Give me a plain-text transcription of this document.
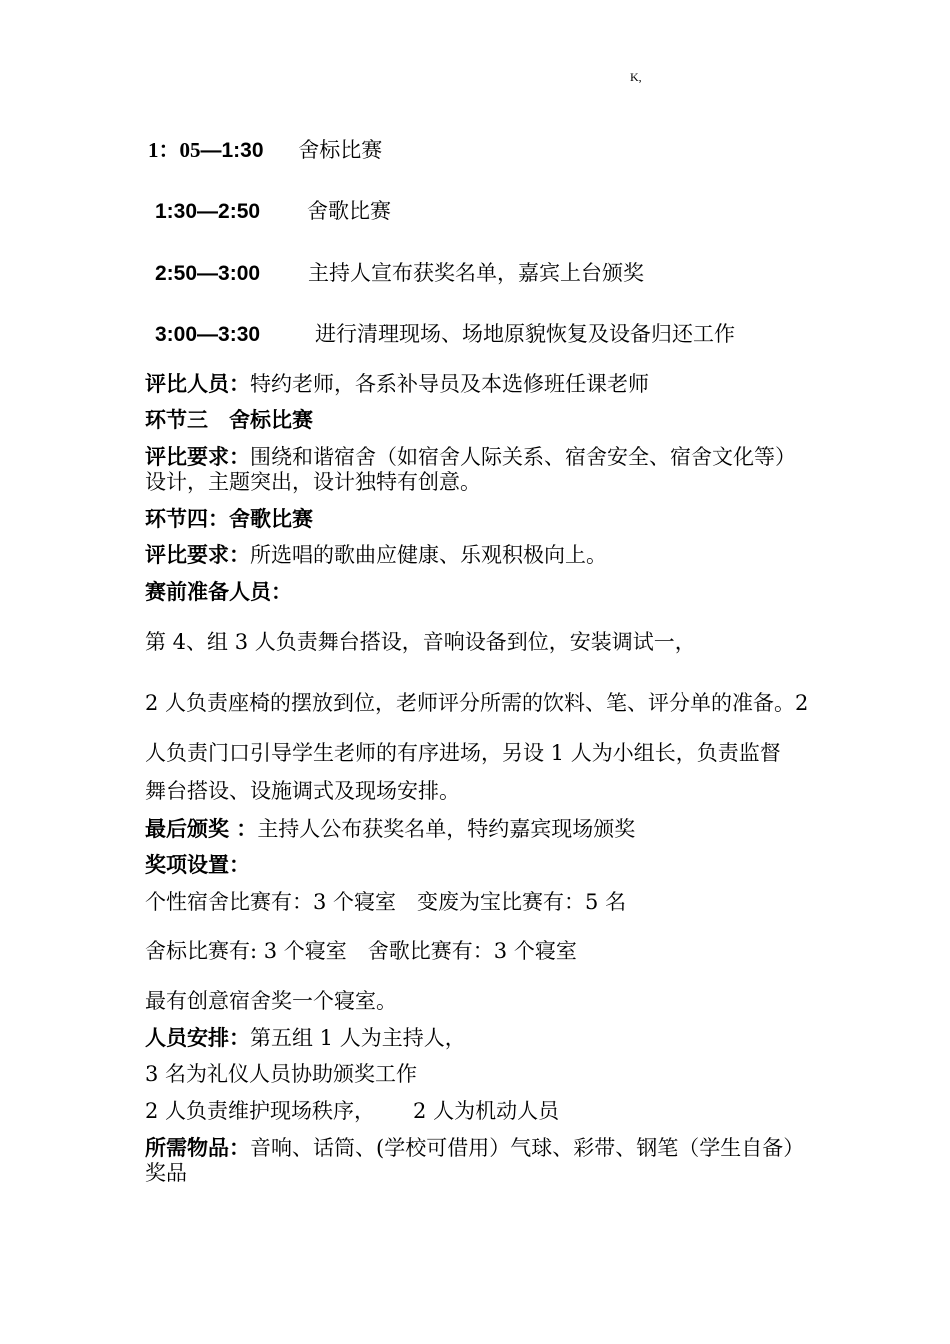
K,
1：05—1:30 舍标比赛
1:30—2:50 舍歌比赛
2:50—3:00 主持人宣布获奖名单，嘉宾上台颁奖
3:00—3:30	进行清理现场、场地原貌恢复及设备归还工作
评比人员：特约老师，各系补导员及本选修班任课老师
环节三　舍标比赛
评比要求：围绕和谐宿舍（如宿舍人际关系、宿舍安全、宿舍文化等）设计，主题突出，设计独特有创意。
环节四：舍歌比赛
评比要求：所选唱的歌曲应健康、乐观积极向上。
赛前准备人员：
第 4、组 3 人负责舞台搭设，音响设备到位，安装调试一，
2 人负责座椅的摆放到位，老师评分所需的饮料、笔、评分单的准备。2
人负责门口引导学生老师的有序进场，另设 1 人为小组长，负责监督
舞台搭设、设施调式及现场安排。
最后颁奖 ：主持人公布获奖名单，特约嘉宾现场颁奖
奖项设置：
个性宿舍比赛有：3 个寝室　变废为宝比赛有：5 名
舍标比赛有: 3 个寝室　舍歌比赛有：3 个寝室
最有创意宿舍奖一个寝室。
人员安排：第五组 1 人为主持人，
3 名为礼仪人员协助颁奖工作
2 人负责维护现场秩序， 2 人为机动人员
所需物品：音响、话筒、(学校可借用）气球、彩带、钢笔（学生自备）奖品
